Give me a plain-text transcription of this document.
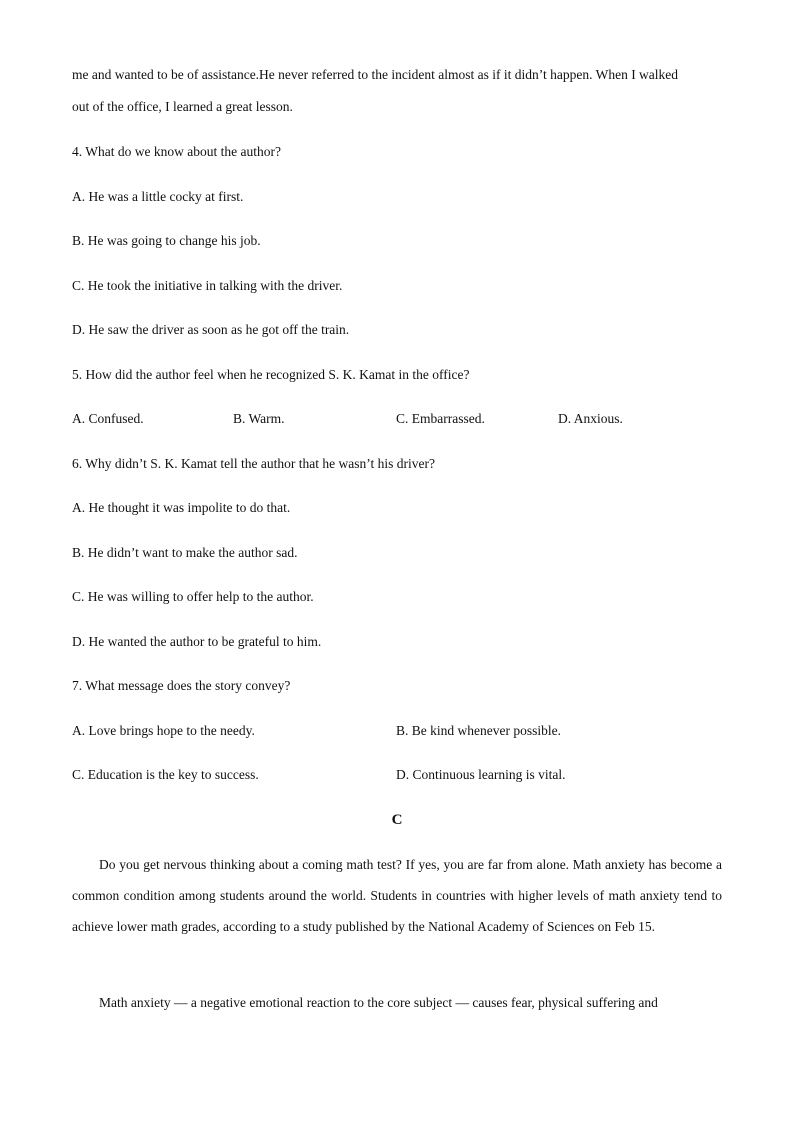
me and wanted to be of assistance.He never referred to the incident almost as if it didn’t happen. When I walked
out of the office, I learned a great lesson.
4. What do we know about the author?
A. He was a little cocky at first.
B. He was going to change his job.
C. He took the initiative in talking with the driver.
D. He saw the driver as soon as he got off the train.
5. How did the author feel when he recognized S. K. Kamat in the office?
A. Confused.	B. Warm.	C. Embarrassed.	D. Anxious.
6. Why didn’t S. K. Kamat tell the author that he wasn’t his driver?
A. He thought it was impolite to do that.
B. He didn’t want to make the author sad.
C. He was willing to offer help to the author.
D. He wanted the author to be grateful to him.
7. What message does the story convey?
A. Love brings hope to the needy.	B. Be kind whenever possible.
C. Education is the key to success.	D. Continuous learning is vital.
C
Do you get nervous thinking about a coming math test? If yes, you are far from alone. Math anxiety has become a common condition among students around the world. Students in countries with higher levels of math anxiety tend to achieve lower math grades, according to a study published by the National Academy of Sciences on Feb 15.
Math anxiety — a negative emotional reaction to the core subject — causes fear, physical suffering and
